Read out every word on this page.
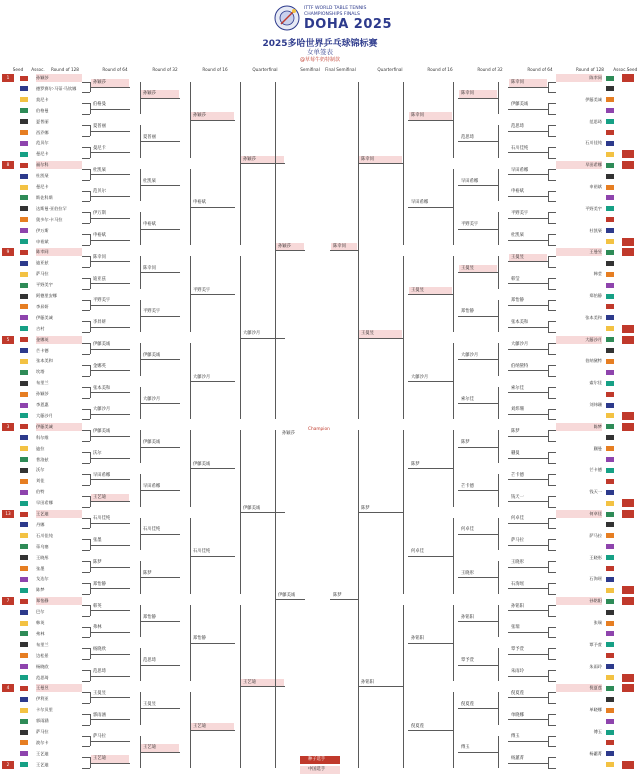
ITTF WORLD TABLE TENNIS
CHAMPIONSHIPS FINALS
DOHA 2025
2025多哈世界乒乓球锦标赛
女单签表
@草莓牛奶特制款
Seed	Assoc.	Round of 128	Round of 64	Round of 32	Round of 16	Quarterfinal	Semifinal	Final Semifinal	Quarterfinal	Round of 16	Round of 32	Round of 64	Round of 128	Assoc. Seed
1	孙颖莎
德罗赛尔·马蒂·马钦娜
莫尼卡
伯格曼
夏普丽
西乔娜
范贝尔
曼尼卡
8	福尔科
杜凯琹
曼尼卡
斯佐科斯
达斯曼·亚伯拉罕
奥多尔·卡马拉
伊万斯
申裕斌
9	陈幸同
迪亚兹
萨马拉
平野美宇
阿德里安娜
李昇妍
伊藤美诚
吉村
5	金娜英
芒卡德
张本美和
坎塔
布里兰
孙颖莎
李恩惠
大藤沙月
3	伊藤美诚
科尔维
迪拉
普洛兹
沃尔
刘佳
伯特
早田希娜
13	王艺迪
丹娜
石川佳纯
蒂乌塞
王晓彤
张墨
戈达尔
陈梦
7	郑怡静
巴尔
韩英
弗林
布里兰
边松景
杨晓欣
范思琦
4	王曼昱
伊利亚
卡尔贝里
郭雨涵
萨马拉
波尔卡
王艺迪
2	王艺迪
孙颖莎
伯格曼
夏普丽
曼尼卡
杜凯琹
范贝尔
伊万斯
申裕斌
陈幸同
迪亚兹
平野美宇
李昇妍
伊藤美诚
金娜英
张本美和
大藤沙月
伊藤美诚
沃尔
早田希娜
王艺迪
石川佳纯
张墨
陈梦
郑怡静
韩英
弗林
杨晓欣
范思琦
王曼昱
郭雨涵
萨马拉
王艺迪
孙颖莎
夏普丽
杜凯琹
申裕斌
陈幸同
平野美宇
伊藤美诚
大藤沙月
伊藤美诚
早田希娜
石川佳纯
陈梦
郑怡静
范思琦
王曼昱
王艺迪
孙颖莎
申裕斌
平野美宇
大藤沙月
伊藤美诚
石川佳纯
郑怡静
王艺迪
孙颖莎
大藤沙月
伊藤美诚
王艺迪
孙颖莎
伊藤美诚
孙颖莎
陈幸同
伊藤美诚
范思琦
石川佳纯
早田希娜
申裕斌
平野美宇
杜凯琹
王曼昱
韩莹
郑怡静
张本美和
大藤沙月
伯纳黛特
索尔佳
刘炜珊
陈梦
蒯曼
芒卡德
钱天一
何卓佳
萨马拉
王晓彤
石洵瑶
孙铭阳
张瑞
覃予萱
朱雨玲
倪夏莲
单晓娜
傅玉
杨蕙菁
陈幸同
伊藤美诚
范思琦
石川佳纯
早田希娜
申裕斌
平野美宇
杜凯琹
王曼昱
韩莹
郑怡静
张本美和
大藤沙月
伯纳黛特
索尔佳
刘炜珊
陈梦
蒯曼
芒卡德
钱天一
何卓佳
萨马拉
王晓彤
石洵瑶
孙铭阳
张瑞
覃予萱
朱雨玲
倪夏莲
单晓娜
傅玉
杨蕙菁
陈幸同
范思琦
早田希娜
平野美宇
王曼昱
郑怡静
大藤沙月
索尔佳
陈梦
芒卡德
何卓佳
王晓彤
孙铭阳
覃予萱
倪夏莲
傅玉
陈幸同
早田希娜
王曼昱
大藤沙月
陈梦
何卓佳
孙铭阳
倪夏莲
陈幸同
王曼昱
陈梦
孙铭阳
陈幸同
陈梦
Champion
种子选手
中国选手
